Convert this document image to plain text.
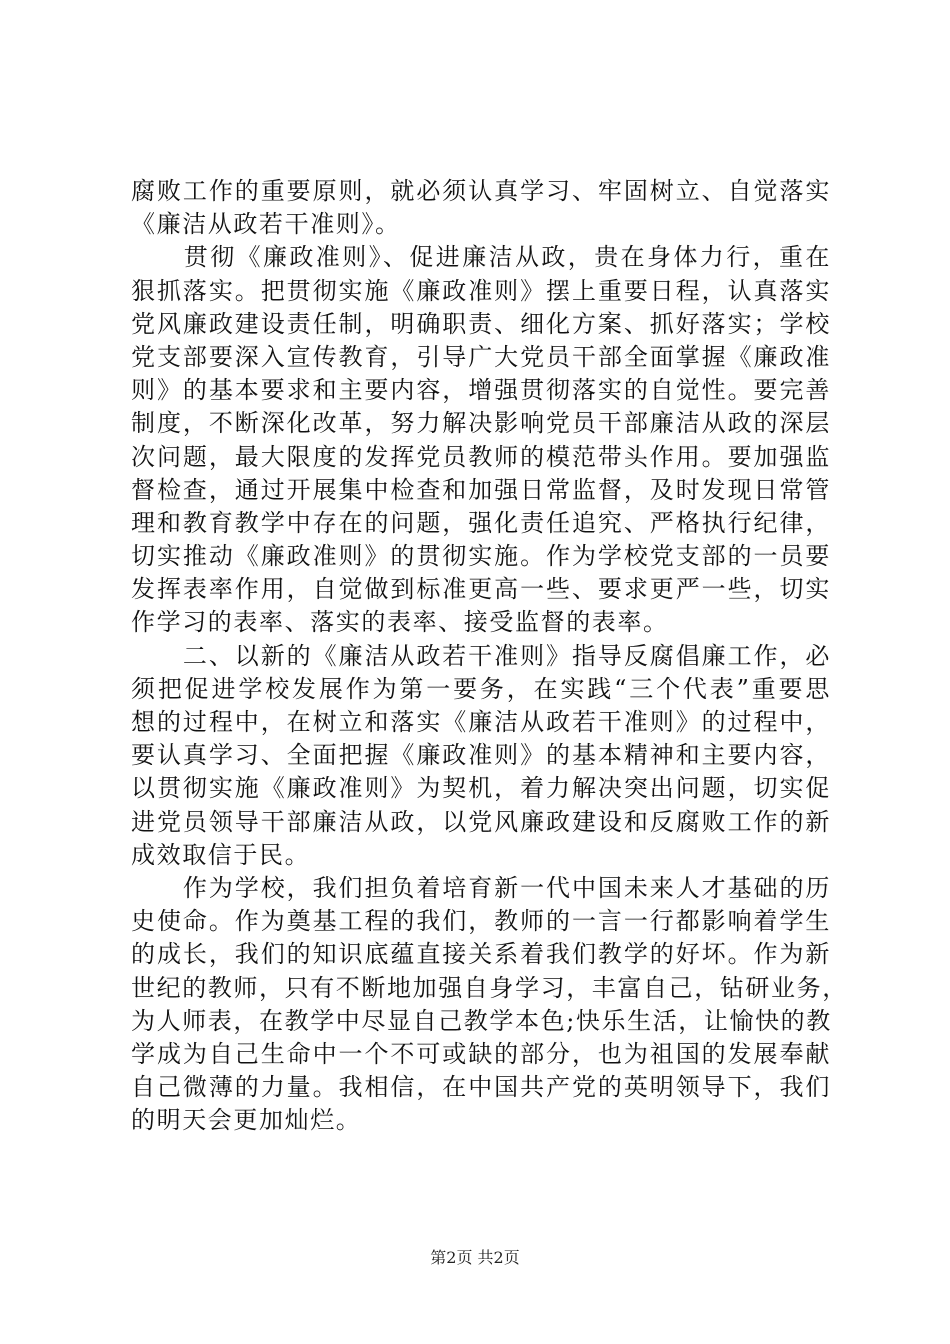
腐败工作的重要原则，就必须认真学习、牢固树立、自觉落实
《廉洁从政若干准则》。
　　贯彻《廉政准则》、促进廉洁从政，贵在身体力行，重在
狠抓落实。把贯彻实施《廉政准则》摆上重要日程，认真落实
党风廉政建设责任制，明确职责、细化方案、抓好落实；学校
党支部要深入宣传教育，引导广大党员干部全面掌握《廉政准
则》的基本要求和主要内容，增强贯彻落实的自觉性。要完善
制度，不断深化改革，努力解决影响党员干部廉洁从政的深层
次问题，最大限度的发挥党员教师的模范带头作用。要加强监
督检查，通过开展集中检查和加强日常监督，及时发现日常管
理和教育教学中存在的问题，强化责任追究、严格执行纪律，
切实推动《廉政准则》的贯彻实施。作为学校党支部的一员要
发挥表率作用，自觉做到标准更高一些、要求更严一些，切实
作学习的表率、落实的表率、接受监督的表率。
　　二、以新的《廉洁从政若干准则》指导反腐倡廉工作，必
须把促进学校发展作为第一要务，在实践“三个代表”重要思
想的过程中，在树立和落实《廉洁从政若干准则》的过程中，
要认真学习、全面把握《廉政准则》的基本精神和主要内容，
以贯彻实施《廉政准则》为契机，着力解决突出问题，切实促
进党员领导干部廉洁从政，以党风廉政建设和反腐败工作的新
成效取信于民。
　　作为学校，我们担负着培育新一代中国未来人才基础的历
史使命。作为奠基工程的我们，教师的一言一行都影响着学生
的成长，我们的知识底蕴直接关系着我们教学的好坏。作为新
世纪的教师，只有不断地加强自身学习，丰富自己，钻研业务，
为人师表，在教学中尽显自己教学本色;快乐生活，让愉快的教
学成为自己生命中一个不可或缺的部分，也为祖国的发展奉献
自己微薄的力量。我相信，在中国共产党的英明领导下，我们
的明天会更加灿烂。
第2页 共2页
